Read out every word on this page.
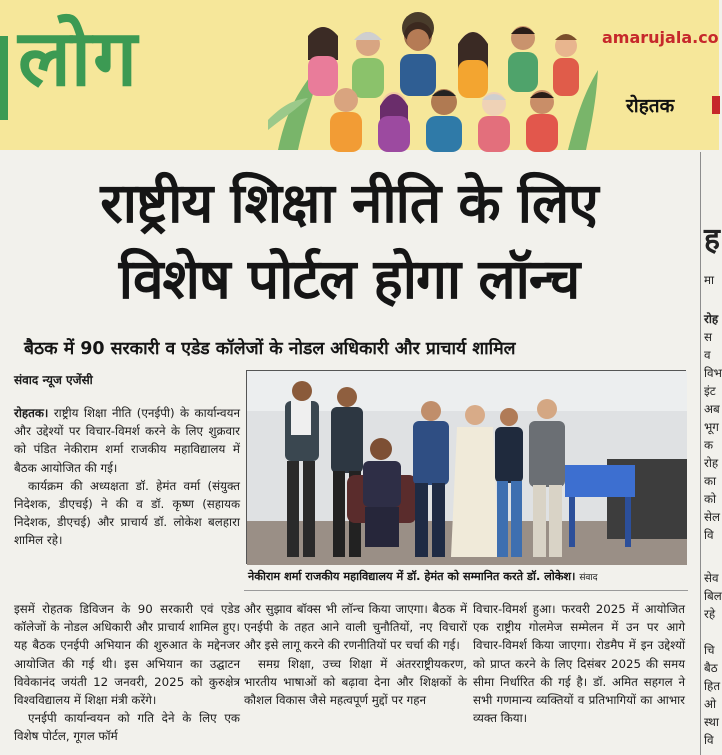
लोग	amarujala.co
रोहतक
राष्ट्रीय शिक्षा नीति के लिए
विशेष पोर्टल होगा लॉन्च
बैठक में 90 सरकारी व एडेड कॉलेजों के नोडल अधिकारी और प्राचार्य शामिल
संवाद न्यूज एजेंसी
नेकीराम शर्मा राजकीय महाविद्यालय में डॉ. हेमंत को सम्मानित करते डॉ. लोकेश। संवाद

रोहतक। राष्ट्रीय शिक्षा नीति (एनईपी) के कार्यान्वयन और उद्देश्यों पर विचार-विमर्श करने के लिए शुक्रवार को पंडित नेकीराम शर्मा राजकीय महाविद्यालय में बैठक आयोजित की गई।

कार्यक्रम की अध्यक्षता डॉ. हेमंत वर्मा (संयुक्त निदेशक, डीएचई) ने की व डॉ. कृष्ण (सहायक निदेशक, डीएचई) और प्राचार्य डॉ. लोकेश बलहारा शामिल रहे।

इसमें रोहतक डिविजन के 90 सरकारी एवं एडेड कॉलेजों के नोडल अधिकारी और प्राचार्य शामिल हुए। यह बैठक एनईपी अभियान की शुरुआत के मद्देनजर आयोजित की गई थी। इस अभियान का उद्घाटन विवेकानंद जयंती 12 जनवरी, 2025 को कुरुक्षेत्र विश्वविद्यालय में शिक्षा मंत्री करेंगे।

एनईपी कार्यान्वयन को गति देने के लिए एक विशेष पोर्टल, गूगल फॉर्म

और सुझाव बॉक्स भी लॉन्च किया जाएगा। बैठक में एनईपी के तहत आने वाली चुनौतियों, नए विचारों और इसे लागू करने की रणनीतियों पर चर्चा की गई।

समग्र शिक्षा, उच्च शिक्षा में अंतरराष्ट्रीयकरण, भारतीय भाषाओं को बढ़ावा देना और शिक्षकों के कौशल विकास जैसे महत्वपूर्ण मुद्दों पर गहन

विचार-विमर्श हुआ। फरवरी 2025 में आयोजित एक राष्ट्रीय गोलमेज सम्मेलन में उन पर आगे विचार-विमर्श किया जाएगा। रोडमैप में इन उद्देश्यों को प्राप्त करने के लिए दिसंबर 2025 की समय सीमा निर्धारित की गई है। डॉ. अमित सहगल ने सभी गणमान्य व्यक्तियों व प्रतिभागियों का आभार व्यक्त किया।

ह
मा
रोह
स
व
विभ
इंट
अब
भूग
क
रोह
का
को
सेल
वि
सेव
बिल
रहे
चि
बैठ
हित
ओ
स्था
वि
